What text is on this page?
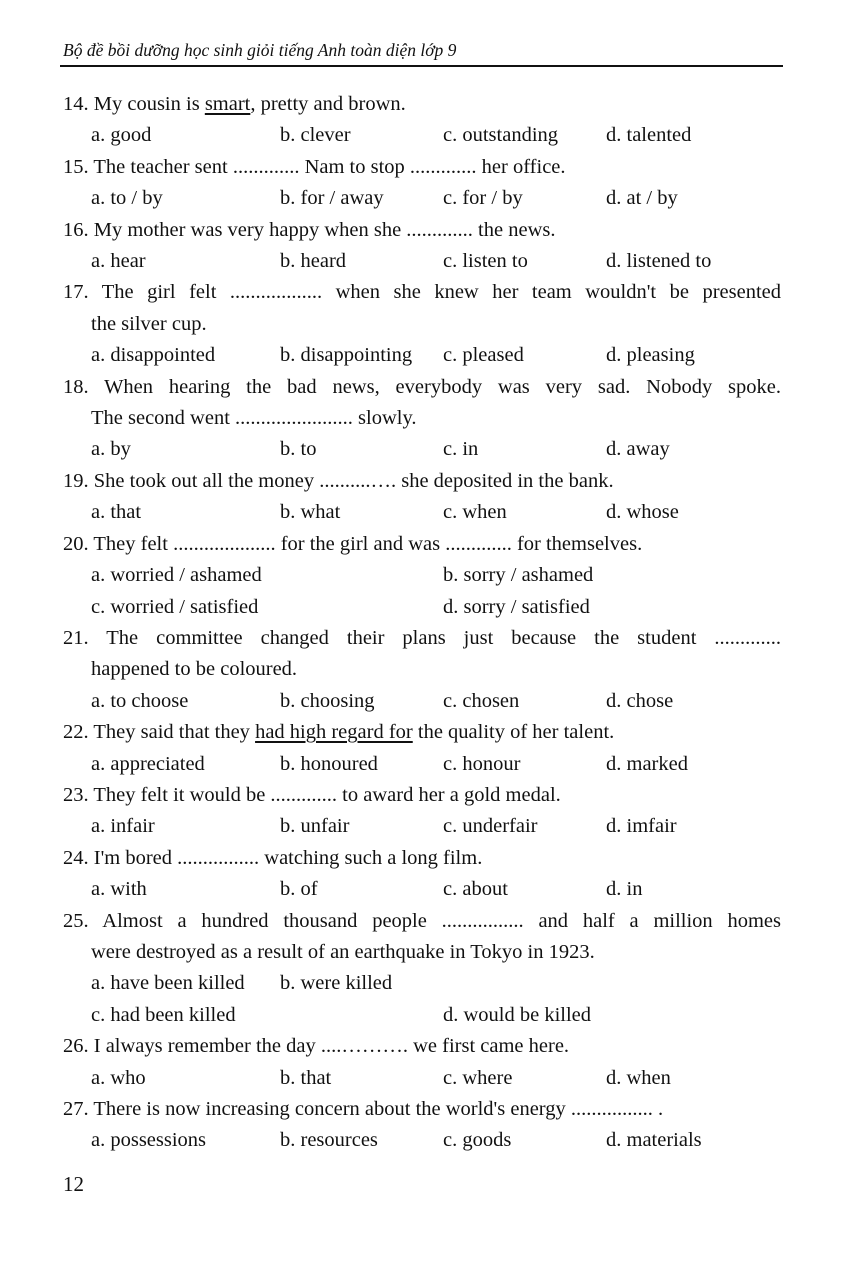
Bộ đề bồi dưỡng học sinh giỏi tiếng Anh toàn diện lớp 9
14. My cousin is smart, pretty and brown.
a. good	b. clever	c. outstanding d. talented
15. The teacher sent ............. Nam to stop ............. her office.
a. to / by	b. for / away	c. for / by	d. at / by
16. My mother was very happy when she ............. the news.
a. hear	b. heard	c. listen to	d. listened to
17. The girl felt .................. when she knew her team wouldn't be presented
the silver cup.
a. disappointed	b. disappointing c. pleased	d. pleasing
18. When hearing the bad news, everybody was very sad. Nobody spoke.
The second went ....................... slowly.
a. by	b. to	c. in	d. away
19. She took out all the money ..........…. she deposited in the bank.
a. that	b. what	c. when	d. whose
20. They felt .................... for the girl and was ............. for themselves.
a. worried / ashamed	b. sorry / ashamed
c. worried / satisfied	d. sorry / satisfied
21. The committee changed their plans just because the student .............
happened to be coloured.
a. to choose	b. choosing	c. chosen	d. chose
22. They said that they had high regard for the quality of her talent.
a. appreciated	b. honoured	c. honour	d. marked
23. They felt it would be ............. to award her a gold medal.
a. infair	b. unfair	c. underfair	d. imfair
24. I'm bored ................ watching such a long film.
a. with	b. of	c. about	d. in
25. Almost a hundred thousand people ................ and half a million homes
were destroyed as a result of an earthquake in Tokyo in 1923.
a. have been killed b. were killed
c. had been killed	d. would be killed
26. I always remember the day ....………. we first came here.
a. who	b. that	c. where	d. when
27. There is now increasing concern about the world's energy ................ .
a. possessions	b. resources	c. goods	d. materials
12
